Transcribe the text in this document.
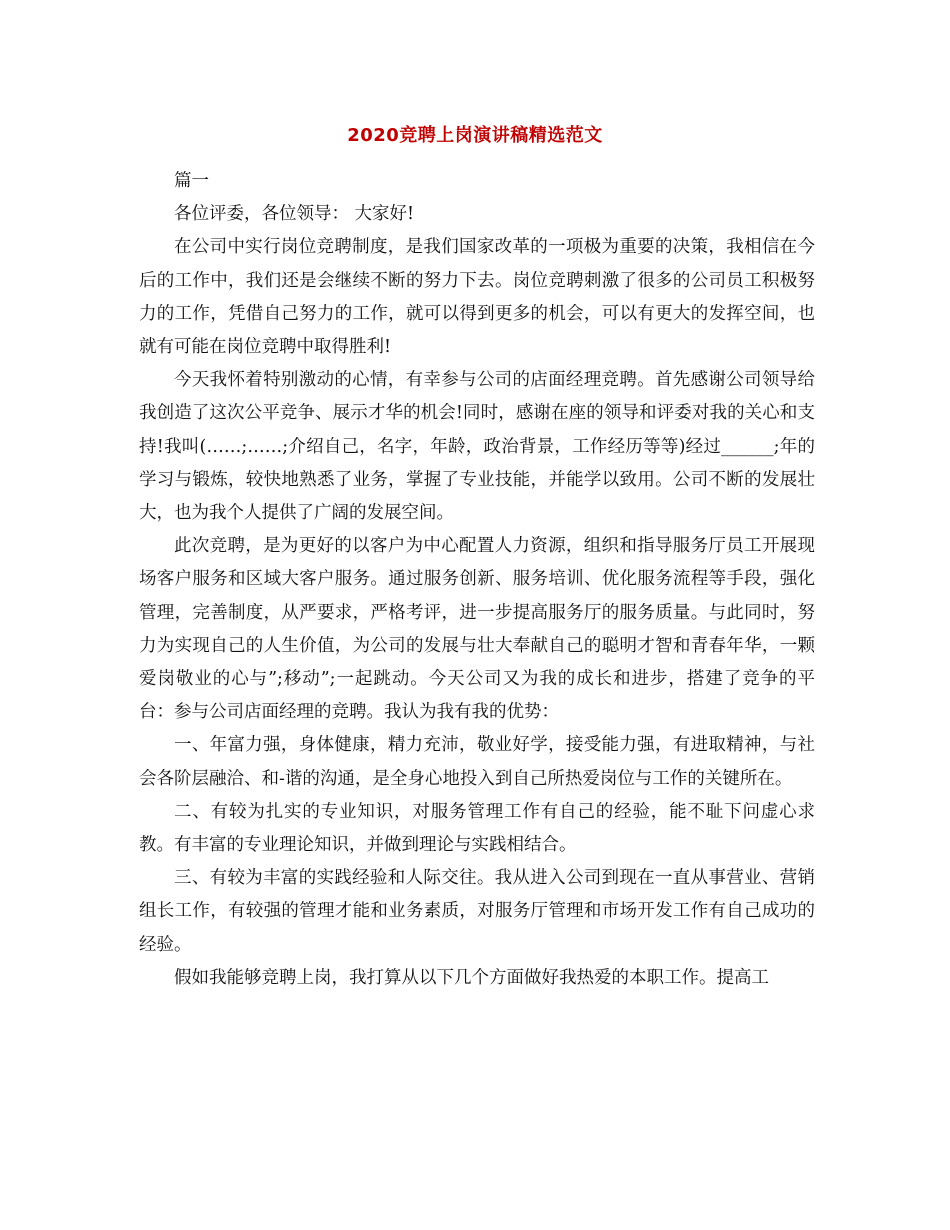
2020竞聘上岗演讲稿精选范文

篇一

各位评委，各位领导： 大家好!

在公司中实行岗位竞聘制度，是我们国家改革的一项极为重要的决策，我相信在今后的工作中，我们还是会继续不断的努力下去。岗位竞聘刺激了很多的公司员工积极努力的工作，凭借自己努力的工作，就可以得到更多的机会，可以有更大的发挥空间，也就有可能在岗位竞聘中取得胜利!

今天我怀着特别激动的心情，有幸参与公司的店面经理竞聘。首先感谢公司领导给我创造了这次公平竞争、展示才华的机会!同时，感谢在座的领导和评委对我的关心和支持!我叫(……;……;介绍自己，名字，年龄，政治背景，工作经历等等)经过______;年的学习与锻炼，较快地熟悉了业务，掌握了专业技能，并能学以致用。公司不断的发展壮大，也为我个人提供了广阔的发展空间。

此次竞聘，是为更好的以客户为中心配置人力资源，组织和指导服务厅员工开展现场客户服务和区域大客户服务。通过服务创新、服务培训、优化服务流程等手段，强化管理，完善制度，从严要求，严格考评，进一步提高服务厅的服务质量。与此同时，努力为实现自己的人生价值，为公司的发展与壮大奉献自己的聪明才智和青春年华，一颗爱岗敬业的心与”;移动”;一起跳动。今天公司又为我的成长和进步，搭建了竞争的平台：参与公司店面经理的竞聘。我认为我有我的优势：

一、年富力强，身体健康，精力充沛，敬业好学，接受能力强，有进取精神，与社会各阶层融洽、和-谐的沟通，是全身心地投入到自己所热爱岗位与工作的关键所在。

二、有较为扎实的专业知识，对服务管理工作有自己的经验，能不耻下问虚心求教。有丰富的专业理论知识，并做到理论与实践相结合。

三、有较为丰富的实践经验和人际交往。我从进入公司到现在一直从事营业、营销组长工作，有较强的管理才能和业务素质，对服务厅管理和市场开发工作有自己成功的经验。

假如我能够竞聘上岗，我打算从以下几个方面做好我热爱的本职工作。提高工
